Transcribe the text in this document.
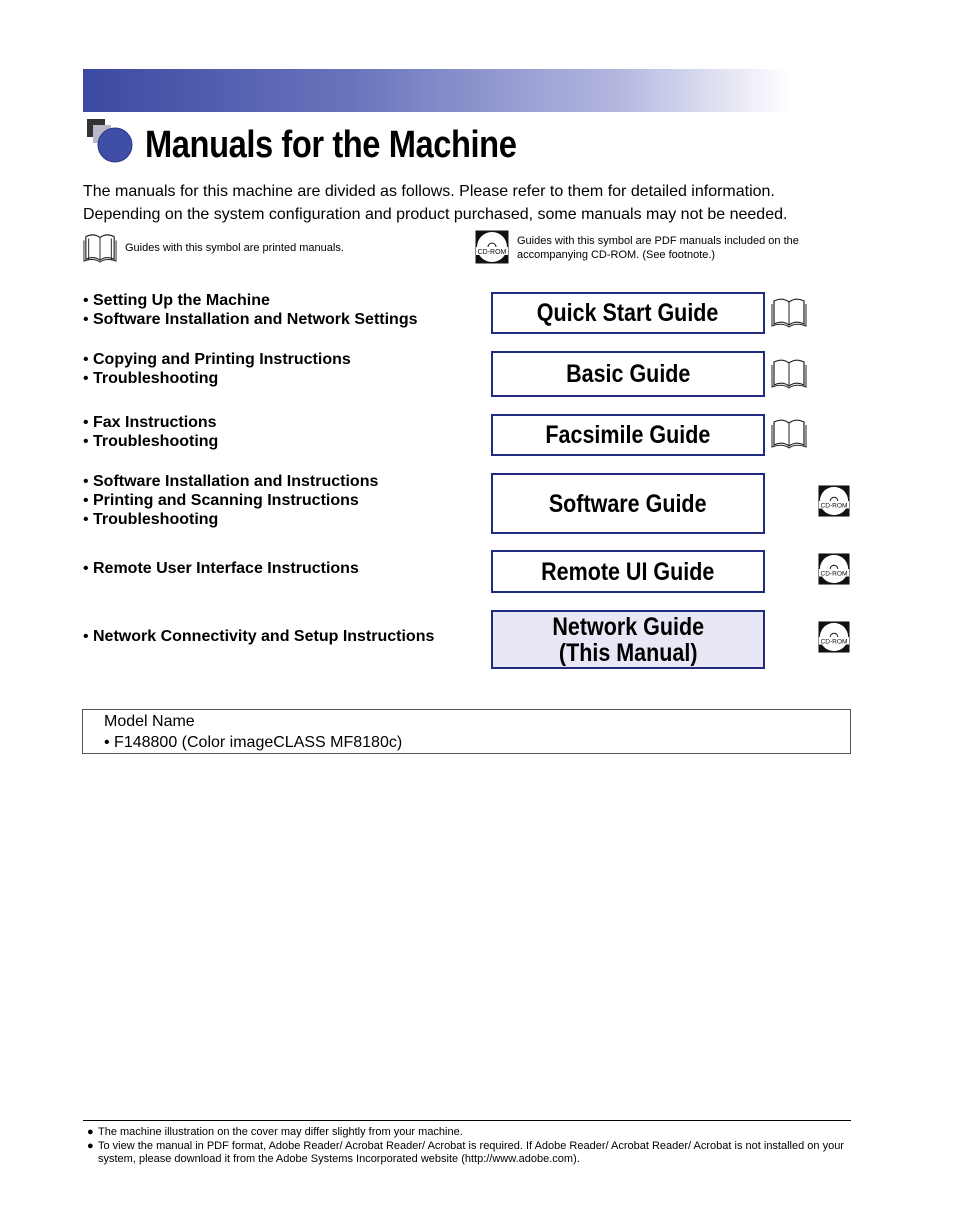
Manuals for the Machine
The manuals for this machine are divided as follows. Please refer to them for detailed information.
Depending on the system configuration and product purchased, some manuals may not be needed.
Guides with this symbol are printed manuals.	CD-ROM
Guides with this symbol are PDF manuals included on the
accompanying CD-ROM. (See footnote.)
• Setting Up the Machine
• Software Installation and Network Settings	Quick Start Guide
• Copying and Printing Instructions
• Troubleshooting	Basic Guide
• Fax Instructions
• Troubleshooting	Facsimile Guide
• Software Installation and Instructions
• Printing and Scanning Instructions
• Troubleshooting
Software Guide	CD-ROM
• Remote User Interface Instructions	Remote UI Guide	CD-ROM
• Network Connectivity and Setup Instructions	Network Guide
(This Manual)	CD-ROM
Model Name
• F148800 (Color imageCLASS MF8180c)
● The machine illustration on the cover may differ slightly from your machine.
● To view the manual in PDF format, Adobe Reader/ Acrobat Reader/ Acrobat is required. If Adobe Reader/ Acrobat Reader/ Acrobat is not installed on your system, please download it from the Adobe Systems Incorporated website (http://www.adobe.com).
